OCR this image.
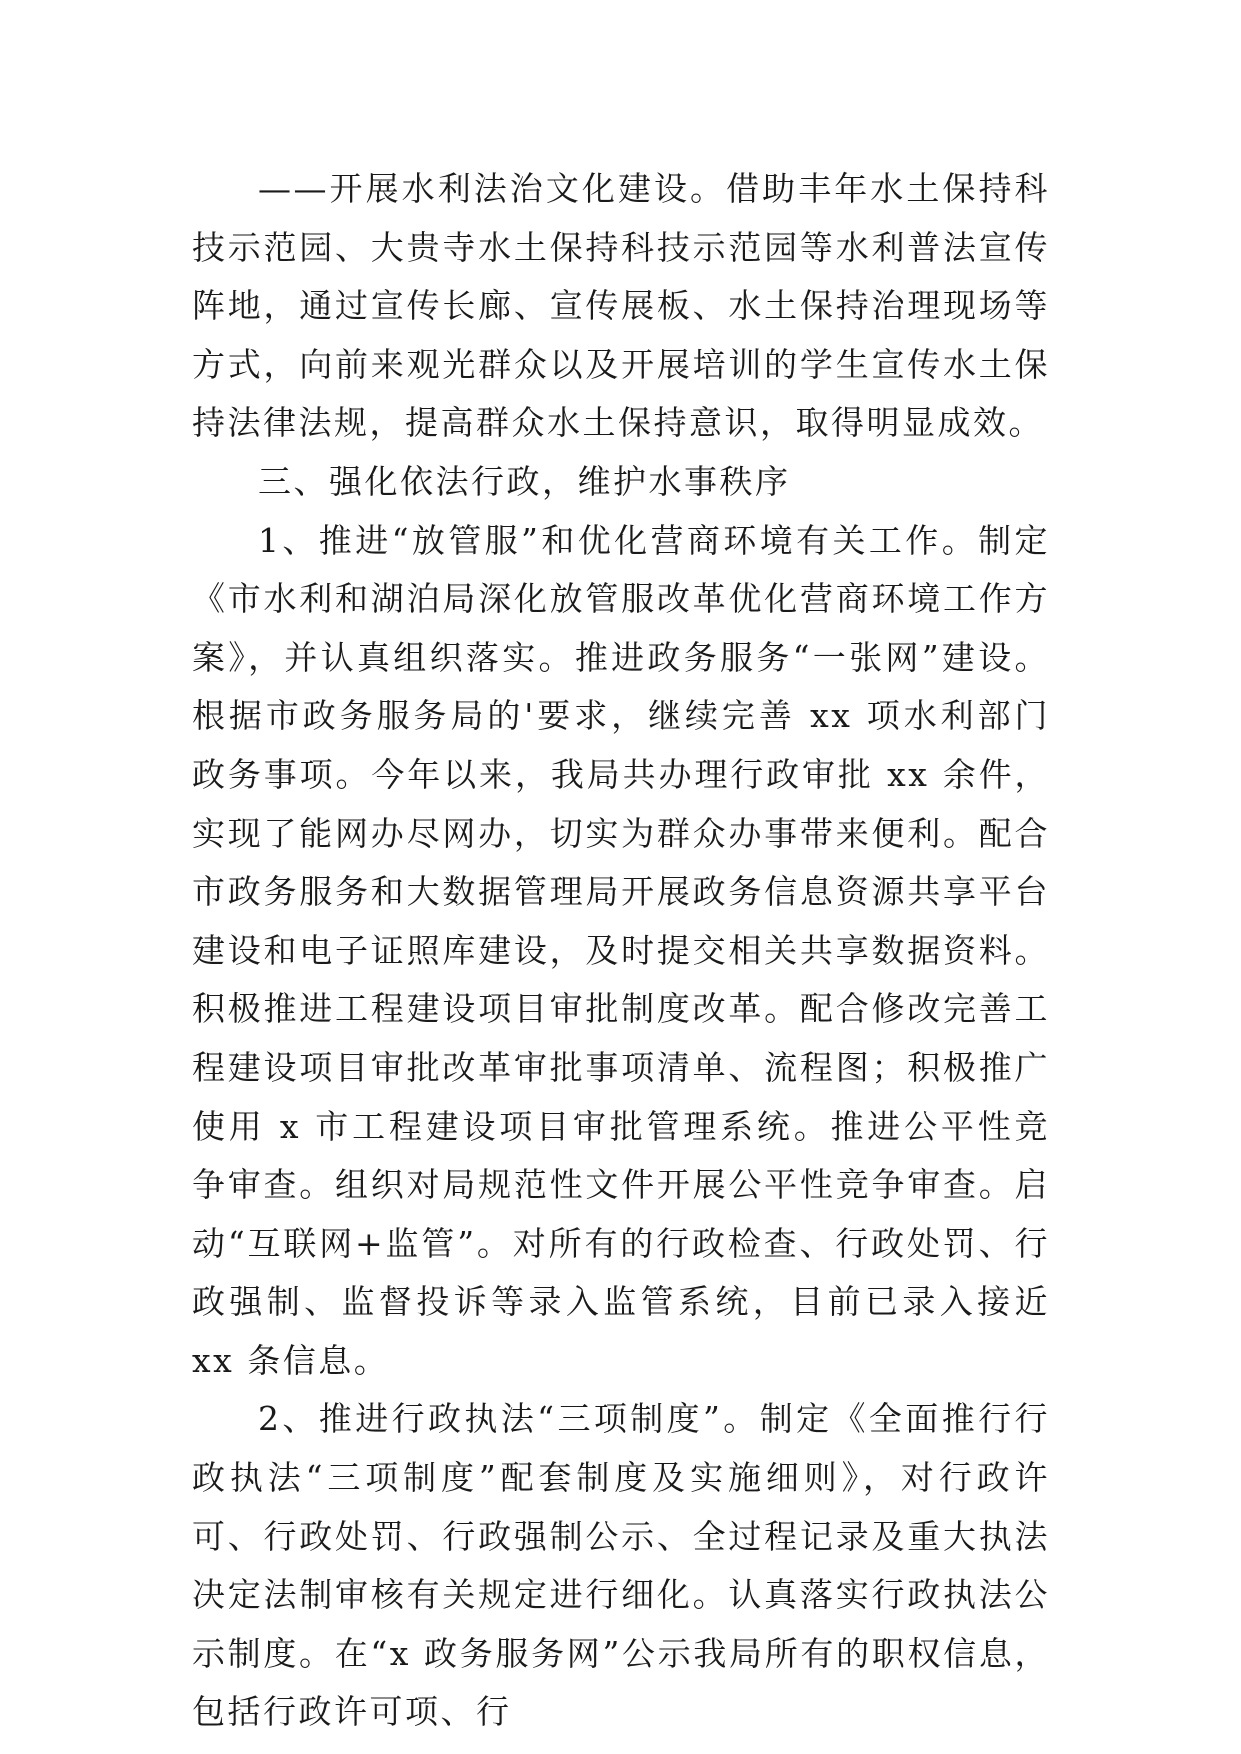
——开展水利法治文化建设。借助丰年水土保持科技示范园、大贵寺水土保持科技示范园等水利普法宣传阵地，通过宣传长廊、宣传展板、水土保持治理现场等方式，向前来观光群众以及开展培训的学生宣传水土保持法律法规，提高群众水土保持意识，取得明显成效。

三、强化依法行政，维护水事秩序

1、推进“放管服”和优化营商环境有关工作。制定《市水利和湖泊局深化放管服改革优化营商环境工作方案》，并认真组织落实。推进政务服务“一张网”建设。根据市政务服务局的'要求，继续完善 xx 项水利部门政务事项。今年以来，我局共办理行政审批 xx 余件，实现了能网办尽网办，切实为群众办事带来便利。配合市政务服务和大数据管理局开展政务信息资源共享平台建设和电子证照库建设，及时提交相关共享数据资料。积极推进工程建设项目审批制度改革。配合修改完善工程建设项目审批改革审批事项清单、流程图；积极推广使用 x 市工程建设项目审批管理系统。推进公平性竞争审查。组织对局规范性文件开展公平性竞争审查。启动“互联网+监管”。对所有的行政检查、行政处罚、行政强制、监督投诉等录入监管系统，目前已录入接近 xx 条信息。

2、推进行政执法“三项制度”。制定《全面推行行政执法“三项制度”配套制度及实施细则》，对行政许可、行政处罚、行政强制公示、全过程记录及重大执法决定法制审核有关规定进行细化。认真落实行政执法公示制度。在“x 政务服务网”公示我局所有的职权信息，包括行政许可项、行
